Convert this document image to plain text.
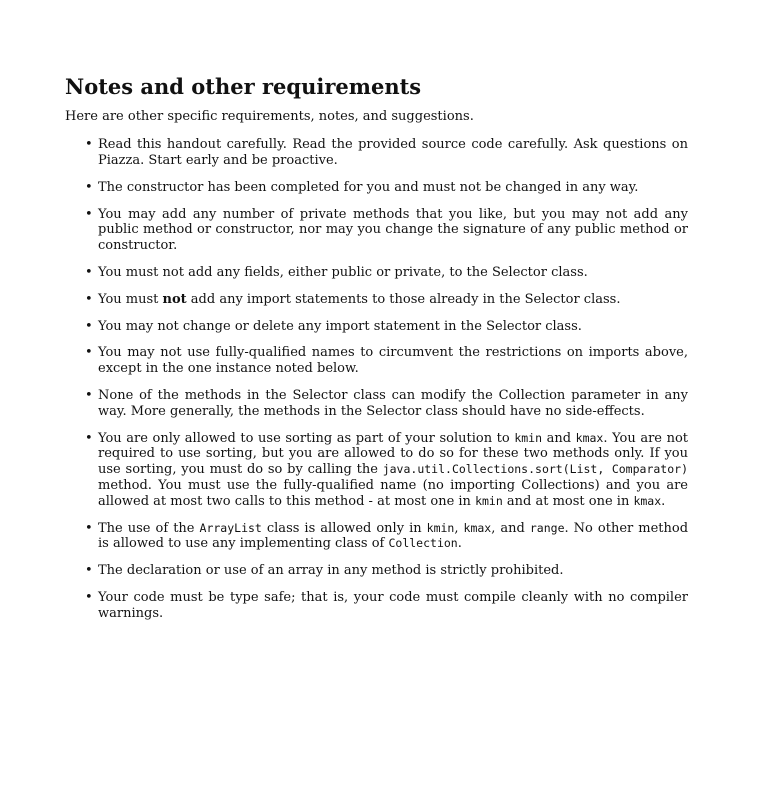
Notes and other requirements

Here are other specific requirements, notes, and suggestions.

• Read this handout carefully. Read the provided source code carefully. Ask questions on Piazza. Start early and be proactive.
• The constructor has been completed for you and must not be changed in any way.
• You may add any number of private methods that you like, but you may not add any public method or constructor, nor may you change the signature of any public method or constructor.
• You must not add any fields, either public or private, to the Selector class.
• You must not add any import statements to those already in the Selector class.
• You may not change or delete any import statement in the Selector class.
• You may not use fully-qualified names to circumvent the restrictions on imports above, except in the one instance noted below.
• None of the methods in the Selector class can modify the Collection parameter in any way. More generally, the methods in the Selector class should have no side-effects.
• You are only allowed to use sorting as part of your solution to kmin and kmax. You are not required to use sorting, but you are allowed to do so for these two methods only. If you use sorting, you must do so by calling the java.util.Collections.sort(List, Comparator) method. You must use the fully-qualified name (no importing Collections) and you are allowed at most two calls to this method - at most one in kmin and at most one in kmax.
• The use of the ArrayList class is allowed only in kmin, kmax, and range. No other method is allowed to use any implementing class of Collection.
• The declaration or use of an array in any method is strictly prohibited.
• Your code must be type safe; that is, your code must compile cleanly with no compiler warnings.
